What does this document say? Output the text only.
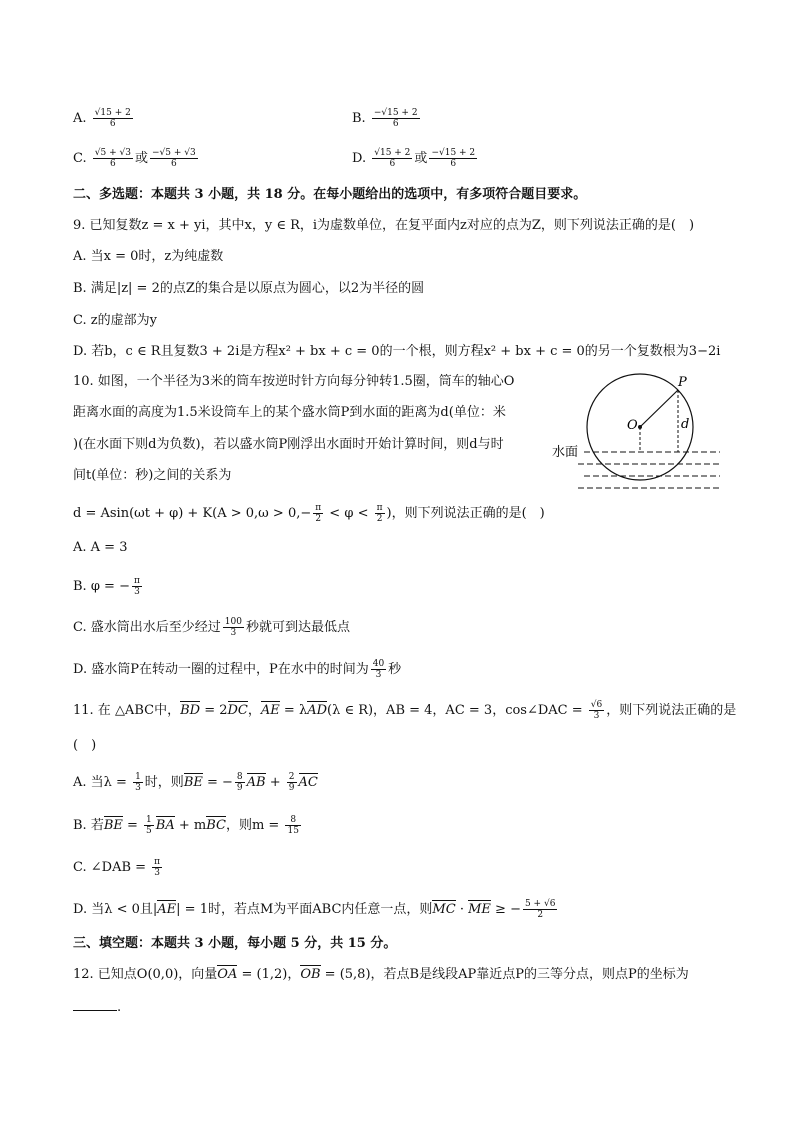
A. $\frac{√15 + 2}{6}$	B. $\frac{-√15 + 2}{6}$
C. $\frac{√5 + √3}{6}$ 或 $\frac{-√5 + √3}{6}$	D. $\frac{√15 + 2}{6}$ 或 $\frac{-√15 + 2}{6}$
二、多选题：本题共 3 小题，共 18 分。在每小题给出的选项中，有多项符合题目要求。
9. 已知复数z = x + yi，其中x，y ∈ R，i为虚数单位，在复平面内z对应的点为Z，则下列说法正确的是(　)
A. 当x = 0时，z为纯虚数
B. 满足|z| = 2的点Z的集合是以原点为圆心，以2为半径的圆
C. z的虚部为y
D. 若b，c ∈ R且复数3 + 2i是方程x² + bx + c = 0的一个根，则方程x² + bx + c = 0的另一个复数根为3−2i
10. 如图，一个半径为3米的筒车按逆时针方向每分钟转1.5圈，筒车的轴心O
距离水面的高度为1.5米设筒车上的某个盛水筒P到水面的距离为d(单位：米
)(在水面下则d为负数)，若以盛水筒P刚浮出水面时开始计算时间，则d与时
间t(单位：秒)之间的关系为
$d = Asin(\omega t + \varphi) + K(A > 0,\omega > 0,- \frac{\pi}{2} < \varphi < \frac{\pi}{2}$ )，则下列说法正确的是(　)
A. A = 3
B. φ = − $\frac{\pi}{3}$
C. 盛水筒出水后至少经过 $\frac{100}{3}$ 秒就可到达最低点
D. 盛水筒P在转动一圈的过程中，P在水中的时间为 $\frac{40}{3}$ 秒
P
O	d
水面
11. 在 △ABC中，BD = 2DC，AE = λAD(λ ∈ R)，AB = 4，AC = 3，cos∠DAC = $\frac{√6}{3}$ ，则下列说法正确的是
(　)
A. 当$\lambda = \frac{1}{3}$ 时，则BE = − $\frac{8}{9}$ AB + $\frac{2}{9}$ AC
B. 若BE = $\frac{1}{5}$ BA + mBC，则$m = \frac{8}{15}$
C. ∠DAB = $\frac{\pi}{3}$
D. 当λ < 0且|AE| = 1时，若点M为平面ABC内任意一点，则MC · ME ≥ − $\frac{5 + √6}{2}$
三、填空题：本题共 3 小题，每小题 5 分，共 15 分。
12. 已知点O(0,0)，向量OA = (1,2)，OB = (5,8)，若点B是线段AP靠近点P的三等分点，则点P的坐标为
.
